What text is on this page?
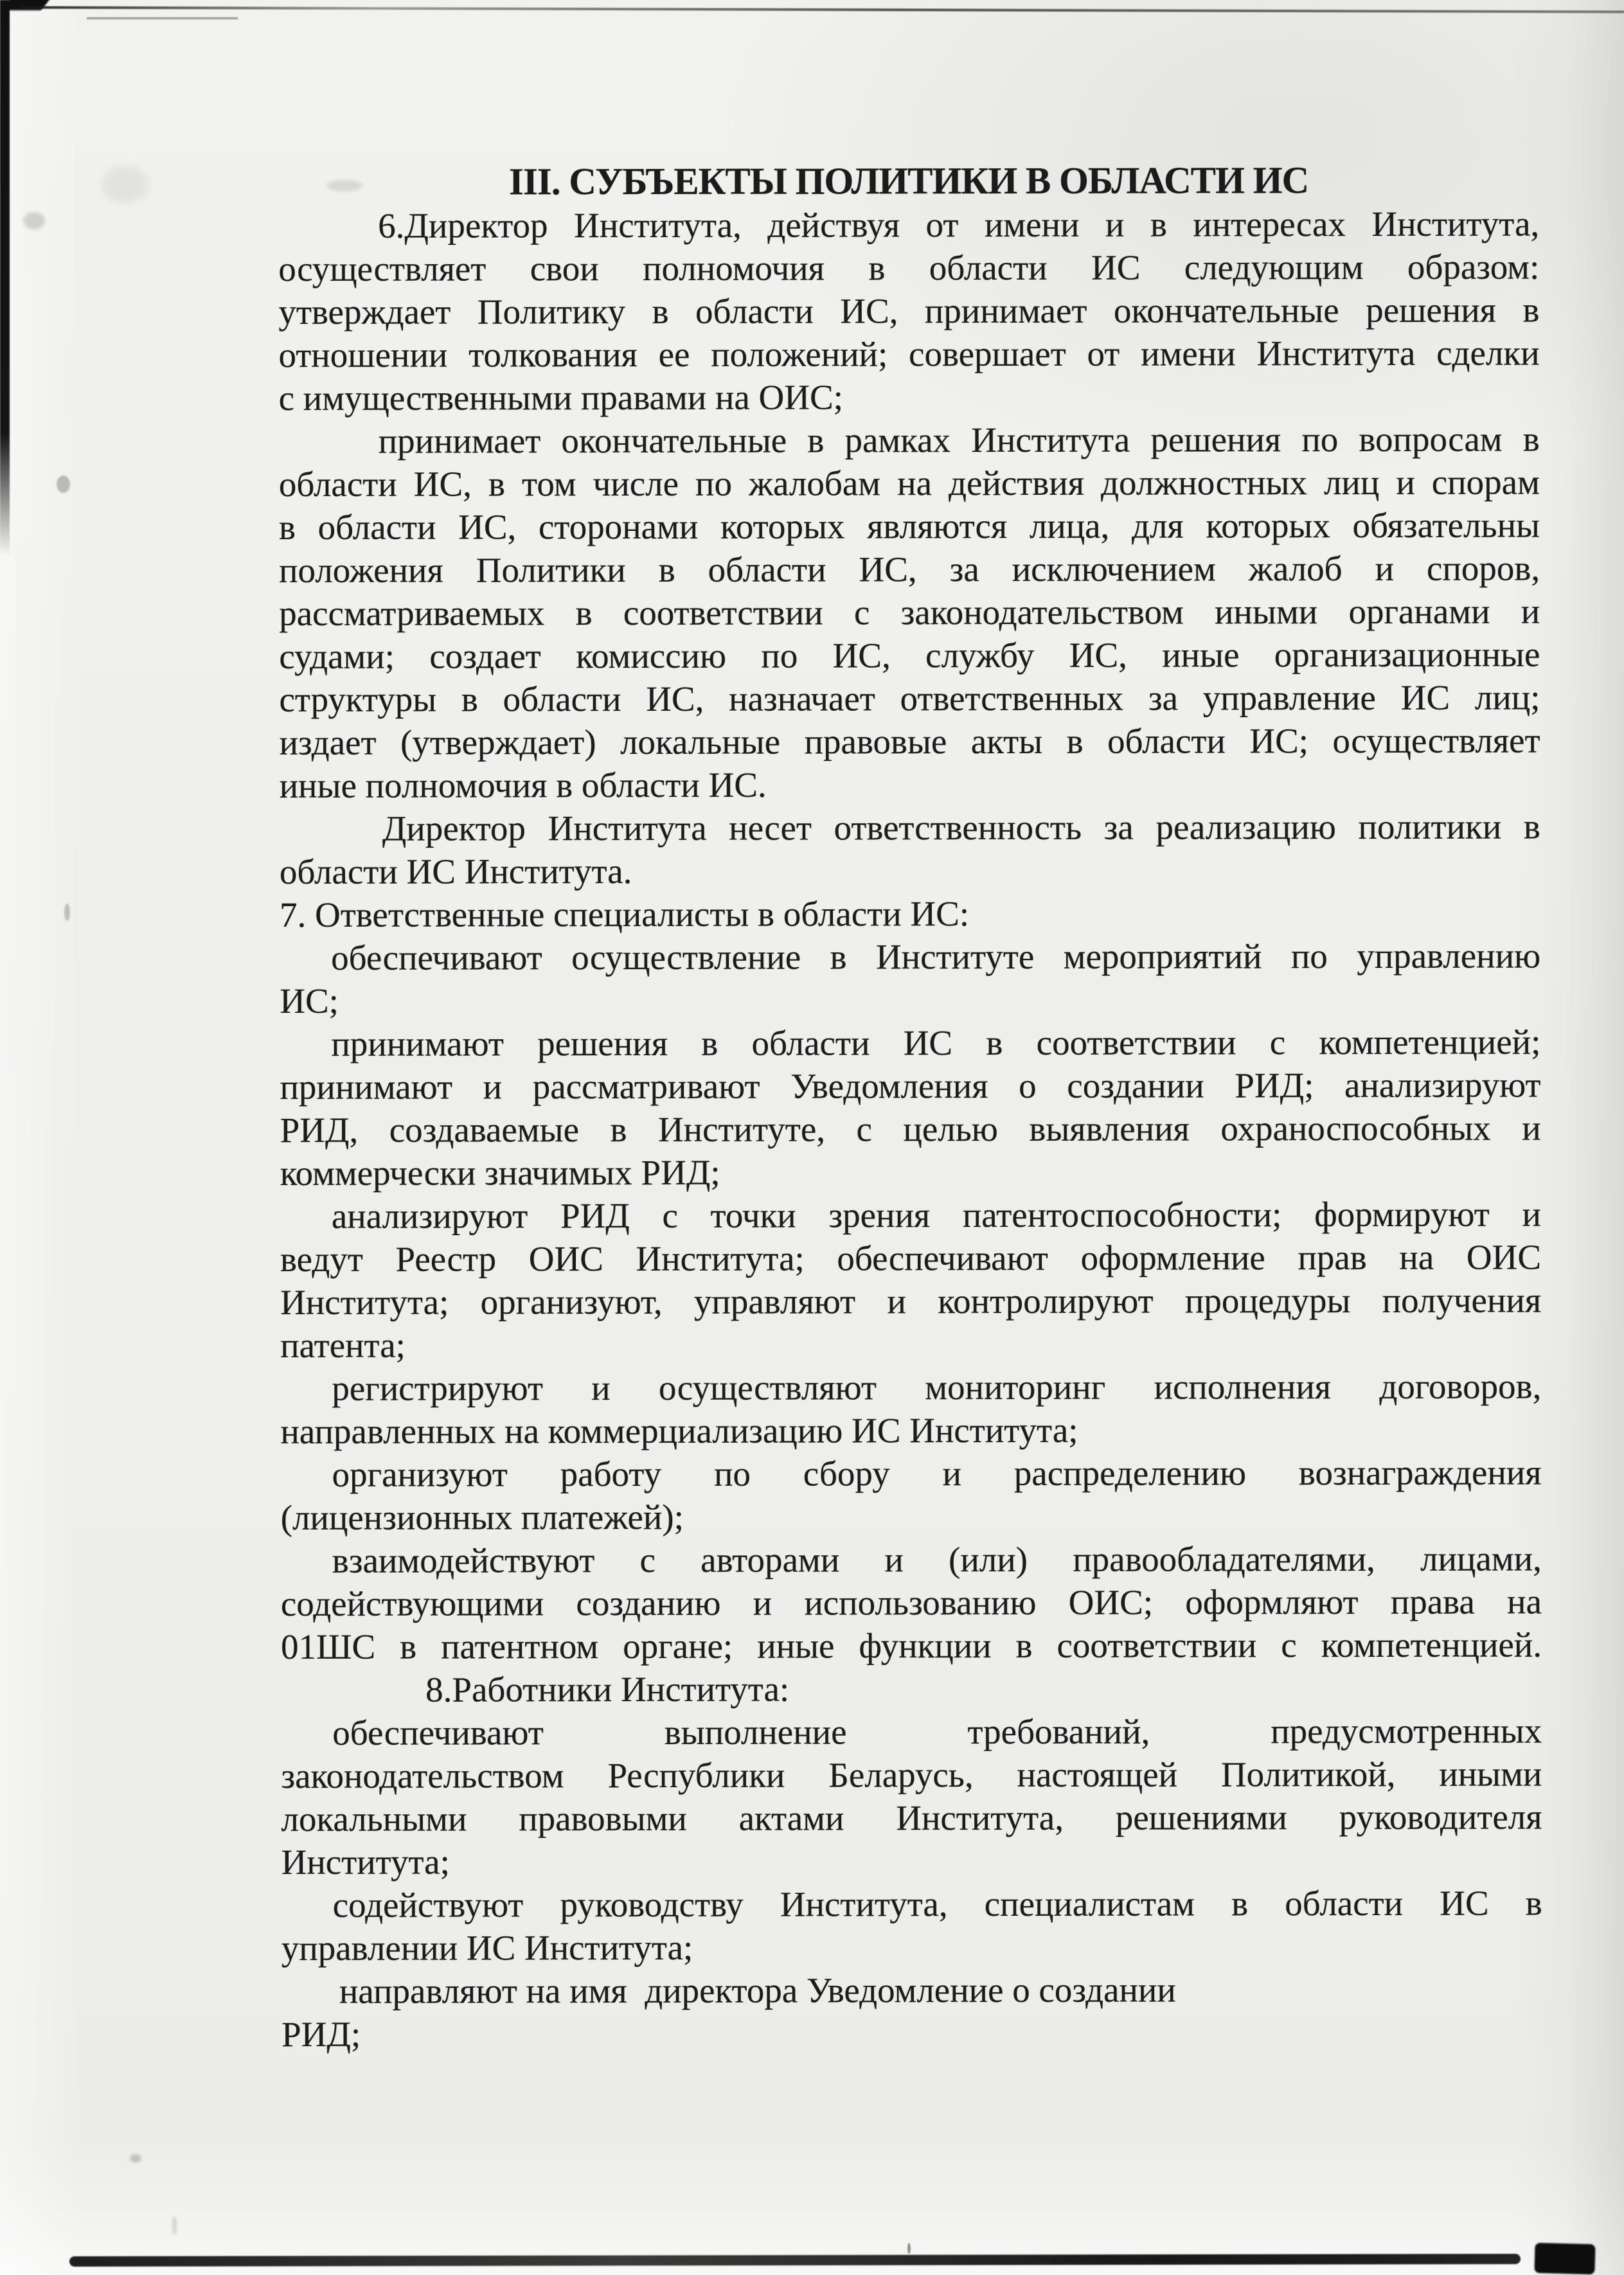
III. СУБЪЕКТЫ ПОЛИТИКИ В ОБЛАСТИ ИС
6.Директор Института, действуя от имени и в интересах Института,
осуществляет свои полномочия в области ИС следующим образом:
утверждает Политику в области ИС, принимает окончательные решения в
отношении толкования ее положений; совершает от имени Института сделки
с имущественными правами на ОИС;
принимает окончательные в рамках Института решения по вопросам в
области ИС, в том числе по жалобам на действия должностных лиц и спорам
в области ИС, сторонами которых являются лица, для которых обязательны
положения Политики в области ИС, за исключением жалоб и споров,
рассматриваемых в соответствии с законодательством иными органами и
судами; создает комиссию по ИС, службу ИС, иные организационные
структуры в области ИС, назначает ответственных за управление ИС лиц;
издает (утверждает) локальные правовые акты в области ИС; осуществляет
иные полномочия в области ИС.
Директор Института несет ответственность за реализацию политики в
области ИС Института.
7. Ответственные специалисты в области ИС:
обеспечивают осуществление в Институте мероприятий по управлению
ИС;
принимают решения в области ИС в соответствии с компетенцией;
принимают и рассматривают Уведомления о создании РИД; анализируют
РИД, создаваемые в Институте, с целью выявления охраноспособных и
коммерчески значимых РИД;
анализируют РИД с точки зрения патентоспособности; формируют и
ведут Реестр ОИС Института; обеспечивают оформление прав на ОИС
Института; организуют, управляют и контролируют процедуры получения
патента;
регистрируют и осуществляют мониторинг исполнения договоров,
направленных на коммерциализацию ИС Института;
организуют работу по сбору и распределению вознаграждения
(лицензионных платежей);
взаимодействуют с авторами и (или) правообладателями, лицами,
содействующими созданию и использованию ОИС; оформляют права на
01ШС в патентном органе; иные функции в соответствии с компетенцией.
8.Работники Института:
обеспечивают выполнение требований, предусмотренных
законодательством Республики Беларусь, настоящей Политикой, иными
локальными правовыми актами Института, решениями руководителя
Института;
содействуют руководству Института, специалистам в области ИС в
управлении ИС Института;
направляют на имя  директора Уведомление о создании
РИД;
